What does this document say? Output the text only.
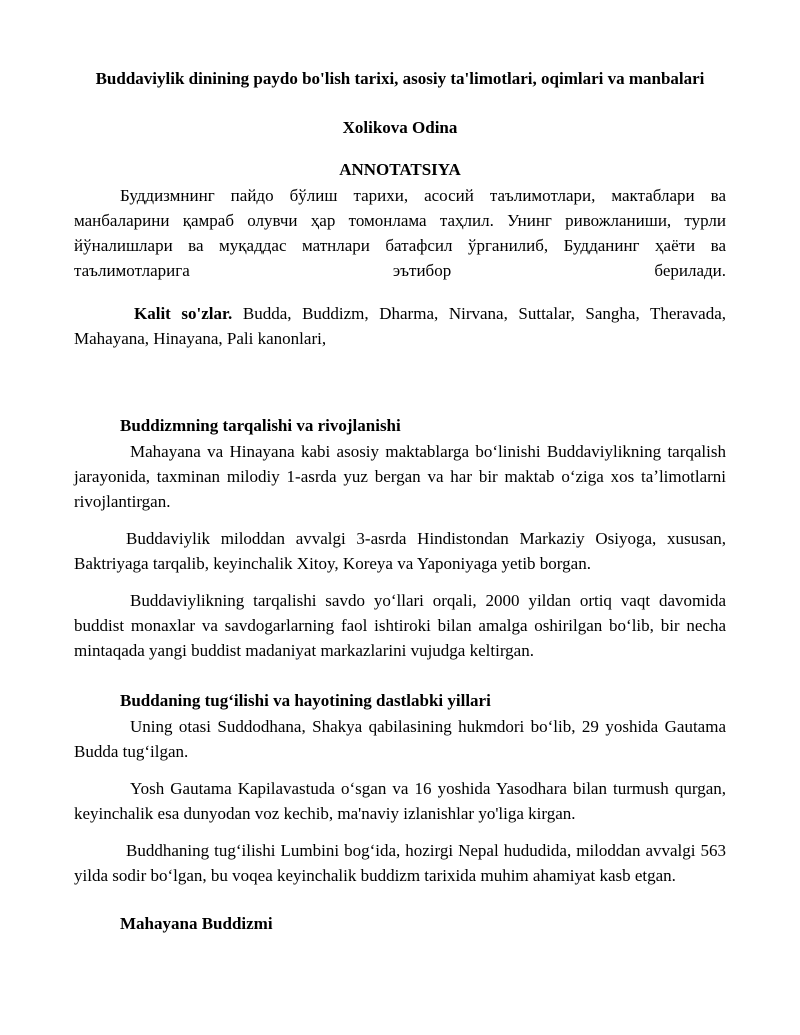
Buddaviylik dinining paydo bo'lish tarixi, asosiy ta'limotlari, oqimlari va manbalari

Xolikova Odina

ANNOTATSIYA

Буддизмнинг пайдо бўлиш тарихи, асосий таълимотлари, мактаблари ва манбаларини қамраб олувчи ҳар томонлама таҳлил. Унинг ривожланиши, турли йўналишлари ва муқаддас матнлари батафсил ўрганилиб, Будданинг ҳаёти ва таълимотларига эътибор берилади.

Kalit so'zlar. Budda, Buddizm, Dharma, Nirvana, Suttalar, Sangha, Theravada, Mahayana, Hinayana, Pali kanonlari,

Buddizmning tarqalishi va rivojlanishi

Mahayana va Hinayana kabi asosiy maktablarga boʻlinishi Buddaviylikning tarqalish jarayonida, taxminan milodiy 1-asrda yuz bergan va har bir maktab oʻziga xos taʼlimotlarni rivojlantirgan.

Buddaviylik miloddan avvalgi 3-asrda Hindistondan Markaziy Osiyoga, xususan, Baktriyaga tarqalib, keyinchalik Xitoy, Koreya va Yaponiyaga yetib borgan.

Buddaviylikning tarqalishi savdo yoʻllari orqali, 2000 yildan ortiq vaqt davomida buddist monaxlar va savdogarlarning faol ishtiroki bilan amalga oshirilgan boʻlib, bir necha mintaqada yangi buddist madaniyat markazlarini vujudga keltirgan.

Buddaning tugʻilishi va hayotining dastlabki yillari

Uning otasi Suddodhana, Shakya qabilasining hukmdori boʻlib, 29 yoshida Gautama Budda tugʻilgan.

Yosh Gautama Kapilavastuda oʻsgan va 16 yoshida Yasodhara bilan turmush qurgan, keyinchalik esa dunyodan voz kechib, ma'naviy izlanishlar yo'liga kirgan.

Buddhaning tugʻilishi Lumbini bogʻida, hozirgi Nepal hududida, miloddan avvalgi 563 yilda sodir boʻlgan, bu voqea keyinchalik buddizm tarixida muhim ahamiyat kasb etgan.

Mahayana Buddizmi
